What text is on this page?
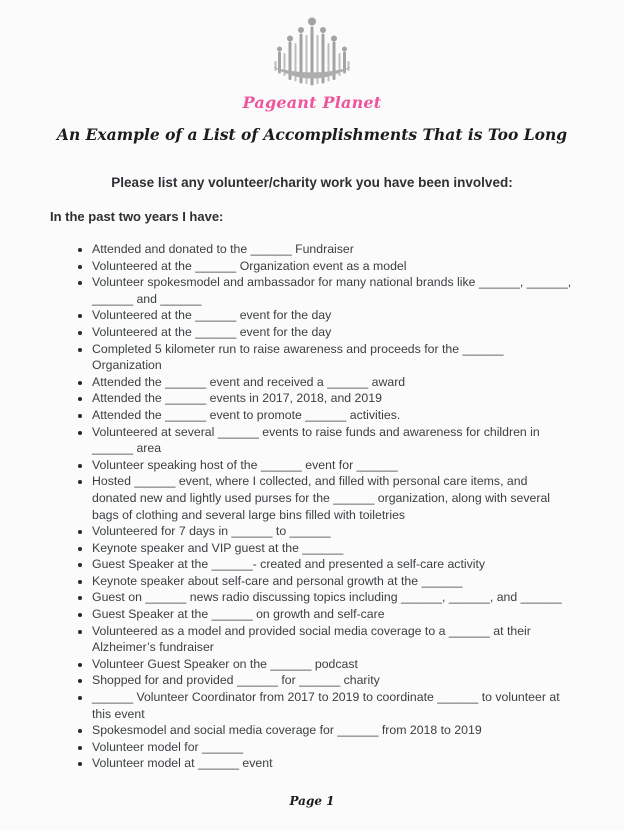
Pageant Planet
An Example of a List of Accomplishments That is Too Long
Please list any volunteer/charity work you have been involved:
In the past two years I have:
• Attended and donated to the ______ Fundraiser
• Volunteered at the ______ Organization event as a model
• Volunteer spokesmodel and ambassador for many national brands like ______, ______, ______ and ______
• Volunteered at the ______ event for the day
• Volunteered at the ______ event for the day
• Completed 5 kilometer run to raise awareness and proceeds for the ______ Organization
• Attended the ______ event and received a ______ award
• Attended the ______ events in 2017, 2018, and 2019
• Attended the ______ event to promote ______ activities.
• Volunteered at several ______ events to raise funds and awareness for children in ______ area
• Volunteer speaking host of the ______ event for ______
• Hosted ______ event, where I collected, and filled with personal care items, and donated new and lightly used purses for the ______ organization, along with several bags of clothing and several large bins filled with toiletries
• Volunteered for 7 days in ______ to ______
• Keynote speaker and VIP guest at the ______
• Guest Speaker at the ______- created and presented a self-care activity
• Keynote speaker about self-care and personal growth at the ______
• Guest on ______ news radio discussing topics including ______, ______, and ______
• Guest Speaker at the ______ on growth and self-care
• Volunteered as a model and provided social media coverage to a ______ at their Alzheimer’s fundraiser
• Volunteer Guest Speaker on the ______ podcast
• Shopped for and provided ______ for ______ charity
• ______ Volunteer Coordinator from 2017 to 2019 to coordinate ______ to volunteer at this event
• Spokesmodel and social media coverage for ______ from 2018 to 2019
• Volunteer model for ______
• Volunteer model at ______ event
Page 1
